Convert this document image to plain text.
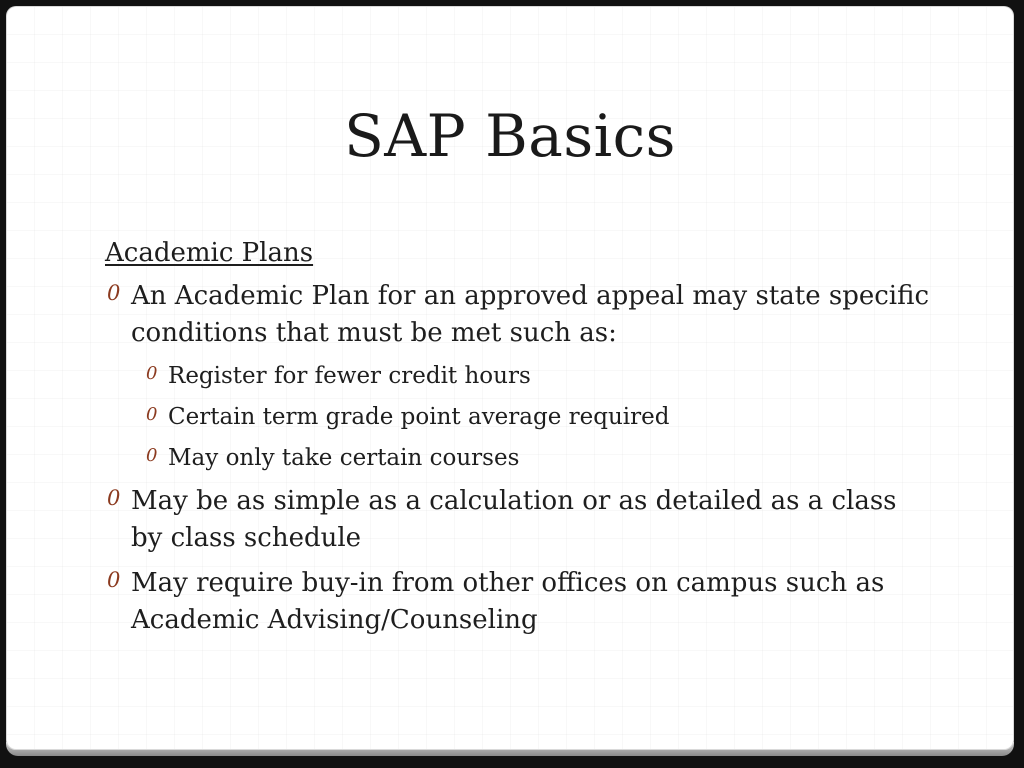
SAP Basics
Academic Plans
0 An Academic Plan for an approved appeal may state specific conditions that must be met such as:
0 Register for fewer credit hours
0 Certain term grade point average required
0 May only take certain courses
0 May be as simple as a calculation or as detailed as a class by class schedule
0 May require buy-in from other offices on campus such as Academic Advising/Counseling
